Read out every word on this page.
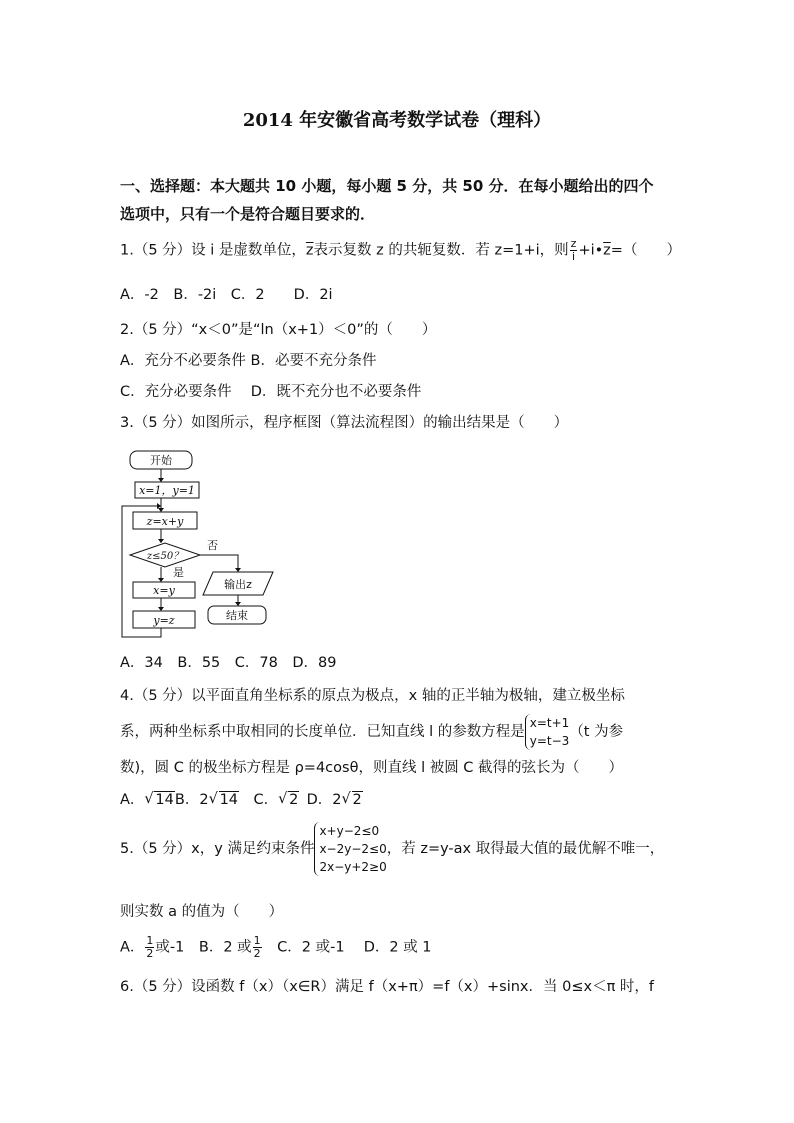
2014 年安徽省高考数学试卷（理科）
一、选择题：本大题共 10 小题，每小题 5 分，共 50 分．在每小题给出的四个
选项中，只有一个是符合题目要求的．
1.（5 分）设 i 是虚数单位，$\overline{z}$表示复数 z 的共轭复数．若 z=1+i，则 $\frac{z}{i}$ $+i•\overline{z}=$（　　）
A．-2　B．-2i　C．2　　D．2i
2.（5 分）“x＜0”是“ln（x+1）＜0”的（　　）
A．充分不必要条件 B．必要不充分条件
C．充分必要条件　 D．既不充分也不必要条件
3.（5 分）如图所示，程序框图（算法流程图）的输出结果是（　　）
开始
x=1，y=1
z=x+y
z≤50？
否
是
x=y
y=z
输出z
结束
A．34　B．55　C．78　D．89
4.（5 分）以平面直角坐标系的原点为极点，x 轴的正半轴为极轴，建立极坐标
系，两种坐标系中取相同的长度单位．已知直线 l 的参数方程是
x=t+1
y=t−3
（t 为参
数)，圆 C 的极坐标方程是 ρ=4cosθ，则直线 l 被圆 C 截得的弦长为（　　）
A． √ 14B．2 √ 14　 C． √ 2  D．2 √ 2
5.（5 分）x，y 满足约束条件
x+y−2≤0
x−2y−2≤0
2x−y+2≥0
，若 z=y-ax 取得最大值的最优解不唯一，
则实数 a 的值为（　　）
A． $\frac{1}{2}$ 或-1　B．2 或 $\frac{1}{2}$ 　C．2 或-1　 D．2 或 1
6.（5 分）设函数 f（x）（x∈R）满足 f（x+π）=f（x）+sinx．当 0≤x＜π 时，f
